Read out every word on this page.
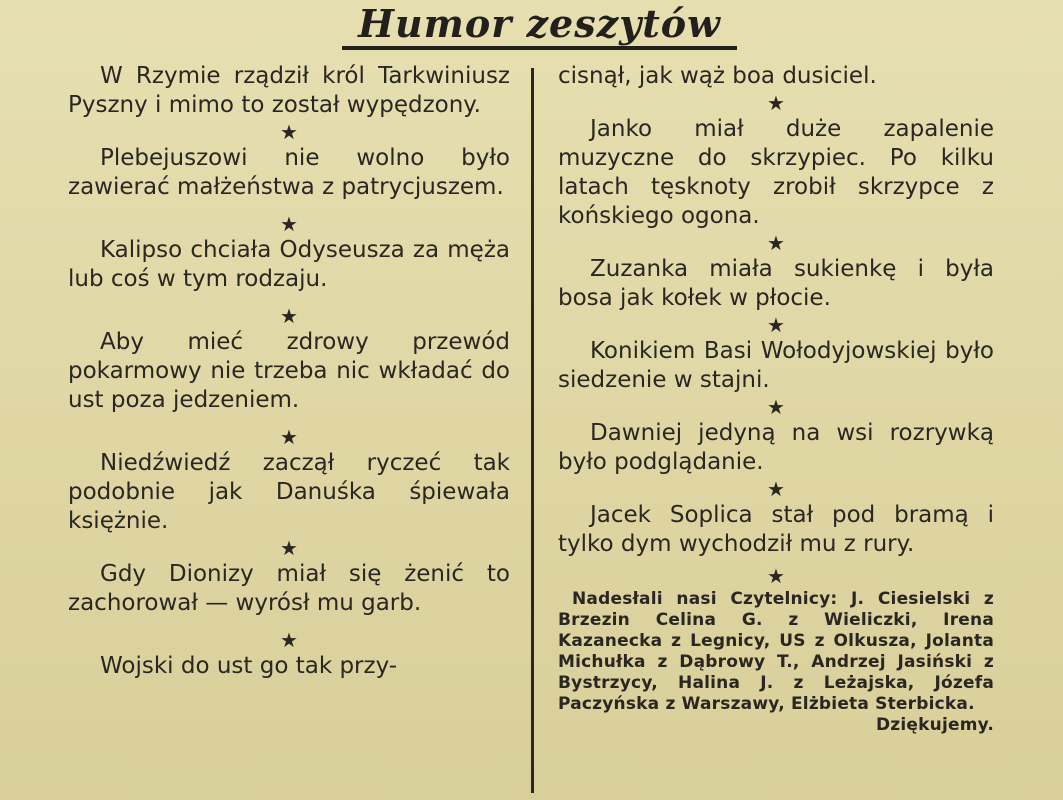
Humor zeszytów

W Rzymie rządził król Tarkwiniusz Pyszny i mimo to został wypędzony.

★

Plebejuszowi nie wolno było zawierać małżeństwa z patrycjuszem.

★

Kalipso chciała Odyseusza za męża lub coś w tym rodzaju.

★

Aby mieć zdrowy przewód pokarmowy nie trzeba nic wkładać do ust poza jedzeniem.

★

Niedźwiedź zaczął ryczeć tak podobnie jak Danuśka śpiewała księżnie.

★

Gdy Dionizy miał się żenić to zachorował — wyrósł mu garb.

★

Wojski do ust go tak przy-

cisnął, jak wąż boa dusiciel.

★

Janko miał duże zapalenie muzyczne do skrzypiec. Po kilku latach tęsknoty zrobił skrzypce z końskiego ogona.

★

Zuzanka miała sukienkę i była bosa jak kołek w płocie.

★

Konikiem Basi Wołodyjowskiej było siedzenie w stajni.

★

Dawniej jedyną na wsi rozrywką było podglądanie.

★

Jacek Soplica stał pod bramą i tylko dym wychodził mu z rury.

★
Nadesłali nasi Czytelnicy: J. Ciesielski z Brzezin Celina G. z Wieliczki, Irena Kazanecka z Legnicy, US z Olkusza, Jolanta Michułka z Dąbrowy T., Andrzej Jasiński z Bystrzycy, Halina J. z Leżajska, Józefa Paczyńska z Warszawy, Elżbieta Sterbicka.
Dziękujemy.
